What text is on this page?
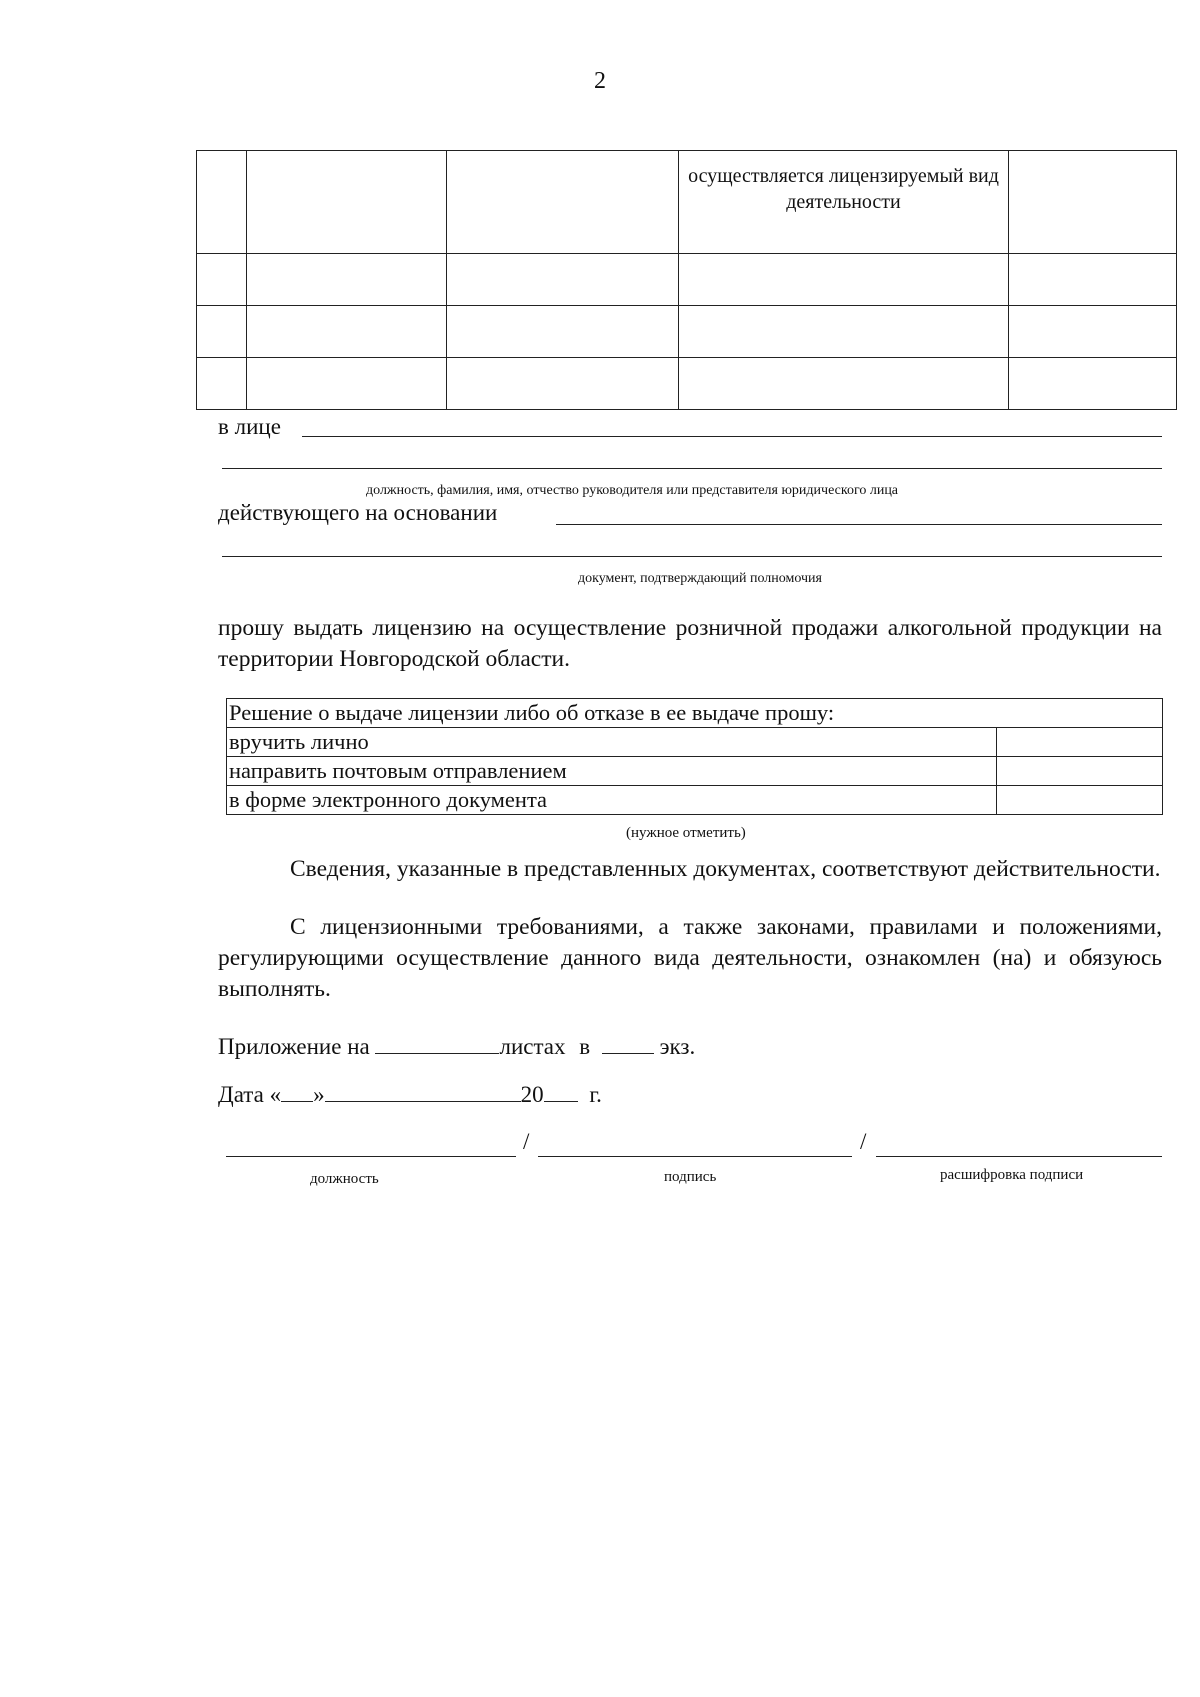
2
			осуществляется лицензируемый вид деятельности	

в лице
должность, фамилия, имя, отчество руководителя или представителя юридического лица
действующего на основании
документ, подтверждающий полномочия
прошу выдать лицензию на осуществление розничной продажи алкогольной продукции на территории Новгородской области.
Решение о выдаче лицензии либо об отказе в ее выдаче прошу:	
вручить лично	
направить почтовым отправлением	
в форме электронного документа	
(нужное отметить)
Сведения, указанные в представленных документах, соответствуют действительности.
С лицензионными требованиями, а также законами, правилами и положениями, регулирующими осуществление данного вида деятельности, ознакомлен (на) и обязуюсь выполнять.
Приложение на	листах в	экз.
Дата « »	20 г.
/	/
должность	подпись	расшифровка подписи
